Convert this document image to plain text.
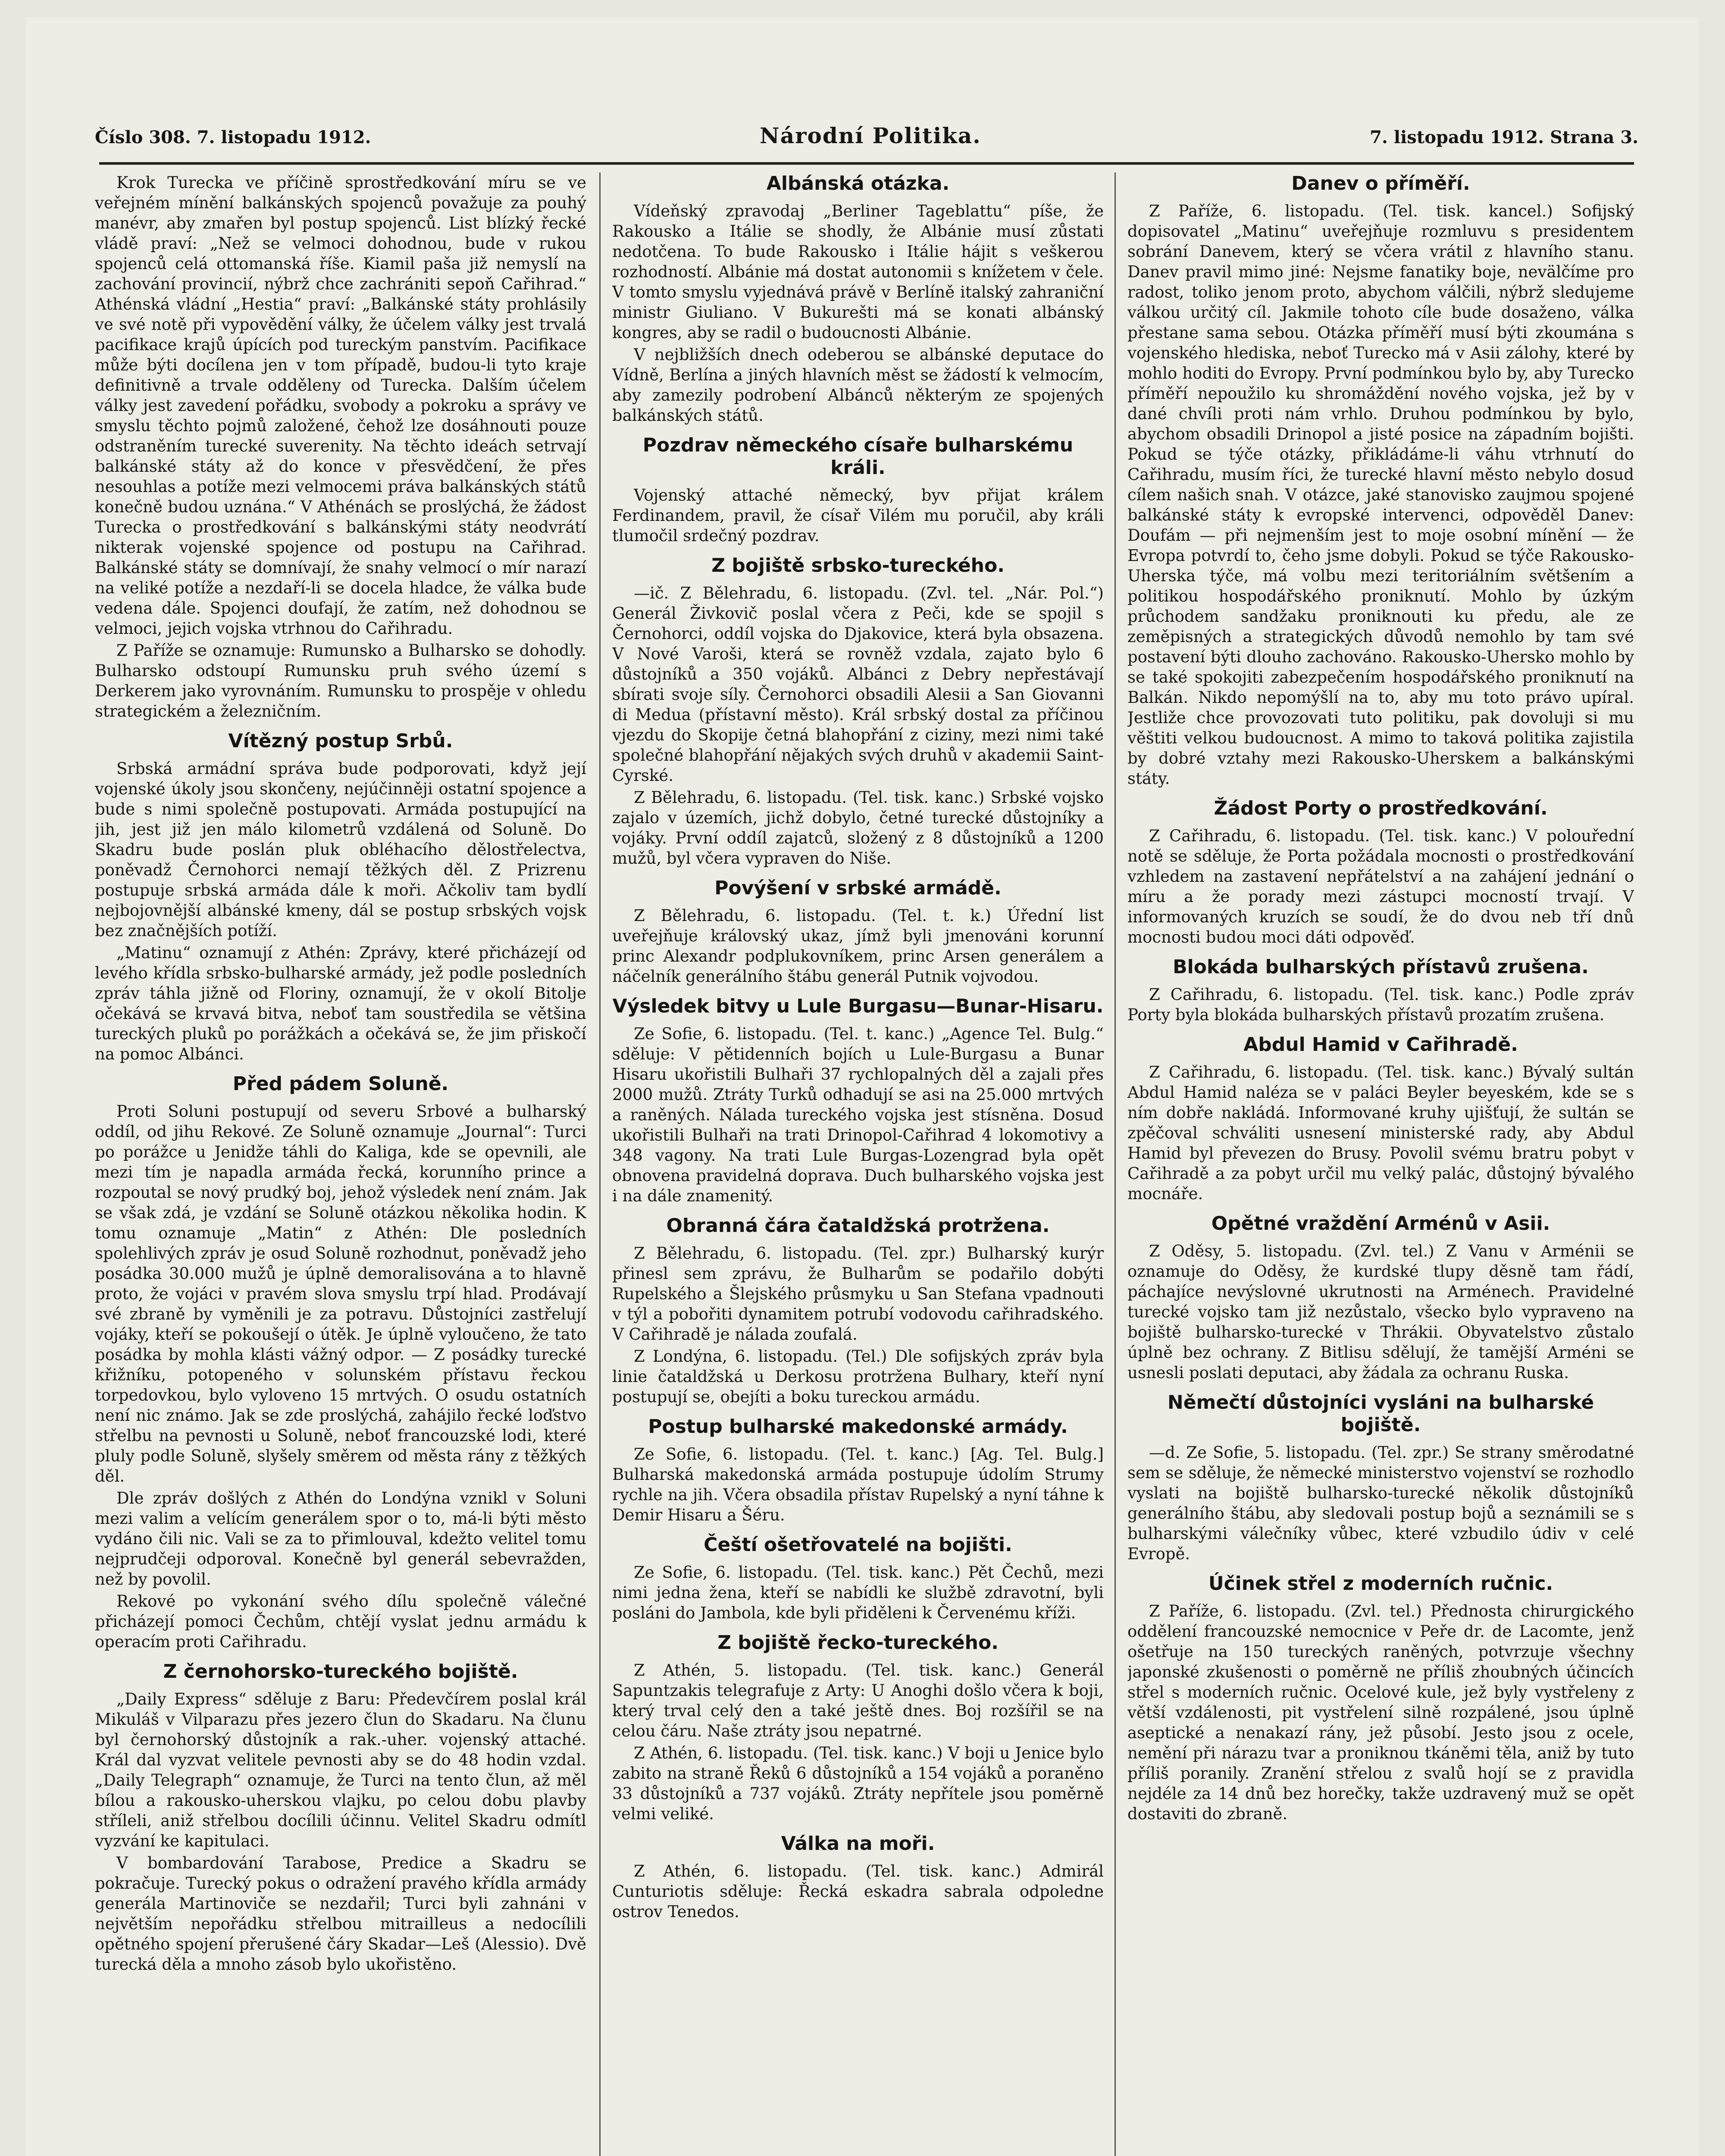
Číslo 308. 7. listopadu 1912.	Národní Politika.	7. listopadu 1912. Strana 3.

Krok Turecka ve příčině sprostředkování míru se ve veřejném mínění balkánských spojenců považuje za pouhý manévr, aby zmařen byl postup spojenců. List blízký řecké vládě praví: „Než se velmoci dohodnou, bude v rukou spojenců celá ottomanská říše. Kiamil paša již nemyslí na zachování provincií, nýbrž chce zachrániti sepoň Cařihrad.“ Athénská vládní „Hestia“ praví: „Balkánské státy prohlásily ve své notě při vypovědění války, že účelem války jest trvalá pacifikace krajů úpících pod tureckým panstvím. Pacifikace může býti docílena jen v tom případě, budou-li tyto kraje definitivně a trvale odděleny od Turecka. Dalším účelem války jest zavedení pořádku, svobody a pokroku a správy ve smyslu těchto pojmů založené, čehož lze dosáhnouti pouze odstraněním turecké suverenity. Na těchto ideách setrvají balkánské státy až do konce v přesvědčení, že přes nesouhlas a potíže mezi velmocemi práva balkánských států konečně budou uznána.“ V Athénách se proslýchá, že žádost Turecka o prostředkování s balkánskými státy neodvrátí nikterak vojenské spojence od postupu na Cařihrad. Balkánské státy se domnívají, že snahy velmocí o mír narazí na veliké potíže a nezdaří-li se docela hladce, že válka bude vedena dále. Spojenci doufají, že zatím, než dohodnou se velmoci, jejich vojska vtrhnou do Cařihradu.

Z Paříže se oznamuje: Rumunsko a Bulharsko se dohodly. Bulharsko odstoupí Rumunsku pruh svého území s Derkerem jako vyrovnáním. Rumunsku to prospěje v ohledu strategickém a železničním.

Vítězný postup Srbů.

Srbská armádní správa bude podporovati, když její vojenské úkoly jsou skončeny, nejúčinněji ostatní spojence a bude s nimi společně postupovati. Armáda postupující na jih, jest již jen málo kilometrů vzdálená od Soluně. Do Skadru bude poslán pluk obléhacího dělostřelectva, poněvadž Černohorci nemají těžkých děl. Z Prizrenu postupuje srbská armáda dále k moři. Ačkoliv tam bydlí nejbojovnější albánské kmeny, dál se postup srbských vojsk bez značnějších potíží.

„Matinu“ oznamují z Athén: Zprávy, které přicházejí od levého křídla srbsko-bulharské armády, jež podle posledních zpráv táhla jižně od Floriny, oznamují, že v okolí Bitolje očekává se krvavá bitva, neboť tam soustředila se většina tureckých pluků po porážkách a očekává se, že jim přiskočí na pomoc Albánci.

Před pádem Soluně.

Proti Soluni postupují od severu Srbové a bulharský oddíl, od jihu Rekové. Ze Soluně oznamuje „Journal“: Turci po porážce u Jenidže táhli do Kaliga, kde se opevnili, ale mezi tím je napadla armáda řecká, korunního prince a rozpoutal se nový prudký boj, jehož výsledek není znám. Jak se však zdá, je vzdání se Soluně otázkou několika hodin. K tomu oznamuje „Matin“ z Athén: Dle posledních spolehlivých zpráv je osud Soluně rozhodnut, poněvadž jeho posádka 30.000 mužů je úplně demoralisována a to hlavně proto, že vojáci v pravém slova smyslu trpí hlad. Prodávají své zbraně by vyměnili je za potravu. Důstojníci zastřelují vojáky, kteří se pokoušejí o útěk. Je úplně vyloučeno, že tato posádka by mohla klásti vážný odpor. — Z posádky turecké křižníku, potopeného v solunském přístavu řeckou torpedovkou, bylo vyloveno 15 mrtvých. O osudu ostatních není nic známo. Jak se zde proslýchá, zahájilo řecké loďstvo střelbu na pevnosti u Soluně, neboť francouzské lodi, které pluly podle Soluně, slyšely směrem od města rány z těžkých děl.

Dle zpráv došlých z Athén do Londýna vznikl v Soluni mezi valim a velícím generálem spor o to, má-li býti město vydáno čili nic. Vali se za to přimlouval, kdežto velitel tomu nejprudčeji odporoval. Konečně byl generál sebevražden, než by povolil.

Rekové po vykonání svého dílu společně válečné přicházejí pomoci Čechům, chtějí vyslat jednu armádu k operacím proti Cařihradu.

Z černohorsko-tureckého bojiště.

„Daily Express“ sděluje z Baru: Předevčírem poslal král Mikuláš v Vilparazu přes jezero člun do Skadaru. Na člunu byl černohorský důstojník a rak.-uher. vojenský attaché. Král dal vyzvat velitele pevnosti aby se do 48 hodin vzdal. „Daily Telegraph“ oznamuje, že Turci na tento člun, až měl bílou a rakousko-uherskou vlajku, po celou dobu plavby stříleli, aniž střelbou docílili účinnu. Velitel Skadru odmítl vyzvání ke kapitulaci.

V bombardování Tarabose, Predice a Skadru se pokračuje. Turecký pokus o odražení pravého křídla armády generála Martinoviče se nezdařil; Turci byli zahnáni v největším nepořádku střelbou mitrailleus a nedocílili opětného spojení přerušené čáry Skadar—Leš (Alessio). Dvě turecká děla a mnoho zásob bylo ukořistěno.

Albánská otázka.

Vídeňský zpravodaj „Berliner Tageblattu“ píše, že Rakousko a Itálie se shodly, že Albánie musí zůstati nedotčena. To bude Rakousko i Itálie hájit s veškerou rozhodností. Albánie má dostat autonomii s knížetem v čele. V tomto smyslu vyjednává právě v Berlíně italský zahraniční ministr Giuliano. V Bukurešti má se konati albánský kongres, aby se radil o budoucnosti Albánie.

V nejbližších dnech odeberou se albánské deputace do Vídně, Berlína a jiných hlavních měst se žádostí k velmocím, aby zamezily podrobení Albánců některým ze spojených balkánských států.

Pozdrav německého císaře bulharskému králi.

Vojenský attaché německý, byv přijat králem Ferdinandem, pravil, že císař Vilém mu poručil, aby králi tlumočil srdečný pozdrav.

Z bojiště srbsko-tureckého.

—ič. Z Bělehradu, 6. listopadu. (Zvl. tel. „Nár. Pol.“) Generál Živkovič poslal včera z Peči, kde se spojil s Černohorci, oddíl vojska do Djakovice, která byla obsazena. V Nové Varoši, která se rovněž vzdala, zajato bylo 6 důstojníků a 350 vojáků. Albánci z Debry nepřestávají sbírati svoje síly. Černohorci obsadili Alesii a San Giovanni di Medua (přístavní město). Král srbský dostal za příčinou vjezdu do Skopije četná blahopřání z ciziny, mezi nimi také společné blahopřání nějakých svých druhů v akademii Saint-Cyrské.

Z Bělehradu, 6. listopadu. (Tel. tisk. kanc.) Srbské vojsko zajalo v územích, jichž dobylo, četné turecké důstojníky a vojáky. První oddíl zajatců, složený z 8 důstojníků a 1200 mužů, byl včera vypraven do Niše.

Povýšení v srbské armádě.

Z Bělehradu, 6. listopadu. (Tel. t. k.) Úřední list uveřejňuje královský ukaz, jímž byli jmenováni korunní princ Alexandr podplukovníkem, princ Arsen generálem a náčelník generálního štábu generál Putnik vojvodou.

Výsledek bitvy u Lule Burgasu—Bunar-Hisaru.

Ze Sofie, 6. listopadu. (Tel. t. kanc.) „Agence Tel. Bulg.“ sděluje: V pětidenních bojích u Lule-Burgasu a Bunar Hisaru ukořistili Bulhaři 37 rychlopalných děl a zajali přes 2000 mužů. Ztráty Turků odhadují se asi na 25.000 mrtvých a raněných. Nálada tureckého vojska jest stísněna. Dosud ukořistili Bulhaři na trati Drinopol-Cařihrad 4 lokomotivy a 348 vagony. Na trati Lule Burgas-Lozengrad byla opět obnovena pravidelná doprava. Duch bulharského vojska jest i na dále znamenitý.

Obranná čára čataldžská protržena.

Z Bělehradu, 6. listopadu. (Tel. zpr.) Bulharský kurýr přinesl sem zprávu, že Bulharům se podařilo dobýti Rupelského a Šlejského průsmyku u San Stefana vpadnouti v týl a pobořiti dynamitem potrubí vodovodu cařihradského. V Cařihradě je nálada zoufalá.

Z Londýna, 6. listopadu. (Tel.) Dle sofijských zpráv byla linie čataldžská u Derkosu protržena Bulhary, kteří nyní postupují se, obejíti a boku tureckou armádu.

Postup bulharské makedonské armády.

Ze Sofie, 6. listopadu. (Tel. t. kanc.) [Ag. Tel. Bulg.] Bulharská makedonská armáda postupuje údolím Strumy rychle na jih. Včera obsadila přístav Rupelský a nyní táhne k Demir Hisaru a Šéru.

Čeští ošetřovatelé na bojišti.

Ze Sofie, 6. listopadu. (Tel. tisk. kanc.) Pět Čechů, mezi nimi jedna žena, kteří se nabídli ke službě zdravotní, byli posláni do Jambola, kde byli přiděleni k Červenému kříži.

Z bojiště řecko-tureckého.

Z Athén, 5. listopadu. (Tel. tisk. kanc.) Generál Sapuntzakis telegrafuje z Arty: U Anoghi došlo včera k boji, který trval celý den a také ještě dnes. Boj rozšířil se na celou čáru. Naše ztráty jsou nepatrné.

Z Athén, 6. listopadu. (Tel. tisk. kanc.) V boji u Jenice bylo zabito na straně Řeků 6 důstojníků a 154 vojáků a poraněno 33 důstojníků a 737 vojáků. Ztráty nepřítele jsou poměrně velmi veliké.

Válka na moři.

Z Athén, 6. listopadu. (Tel. tisk. kanc.) Admirál Cunturiotis sděluje: Řecká eskadra sabrala odpoledne ostrov Tenedos.

Danev o příměří.

Z Paříže, 6. listopadu. (Tel. tisk. kancel.) Sofijský dopisovatel „Matinu“ uveřejňuje rozmluvu s presidentem sobrání Danevem, který se včera vrátil z hlavního stanu. Danev pravil mimo jiné: Nejsme fanatiky boje, nevälčíme pro radost, toliko jenom proto, abychom válčili, nýbrž sledujeme válkou určitý cíl. Jakmile tohoto cíle bude dosaženo, válka přestane sama sebou. Otázka příměří musí býti zkoumána s vojenského hlediska, neboť Turecko má v Asii zálohy, které by mohlo hoditi do Evropy. První podmínkou bylo by, aby Turecko příměří nepoužilo ku shromáždění nového vojska, jež by v dané chvíli proti nám vrhlo. Druhou podmínkou by bylo, abychom obsadili Drinopol a jisté posice na západním bojišti. Pokud se týče otázky, přikládáme-li váhu vtrhnutí do Cařihradu, musím říci, že turecké hlavní město nebylo dosud cílem našich snah. V otázce, jaké stanovisko zaujmou spojené balkánské státy k evropské intervenci, odpověděl Danev: Doufám — při nejmenším jest to moje osobní mínění — že Evropa potvrdí to, čeho jsme dobyli. Pokud se týče Rakousko-Uherska týče, má volbu mezi teritoriálním světšením a politikou hospodářského proniknutí. Mohlo by úzkým průchodem sandžaku proniknouti ku předu, ale ze zeměpisných a strategických důvodů nemohlo by tam své postavení býti dlouho zachováno. Rakousko-Uhersko mohlo by se také spokojiti zabezpečením hospodářského proniknutí na Balkán. Nikdo nepomýšlí na to, aby mu toto právo upíral. Jestliže chce provozovati tuto politiku, pak dovoluji si mu věštiti velkou budoucnost. A mimo to taková politika zajistila by dobré vztahy mezi Rakousko-Uherskem a balkánskými státy.

Žádost Porty o prostředkování.

Z Cařihradu, 6. listopadu. (Tel. tisk. kanc.) V polouřední notě se sděluje, že Porta požádala mocnosti o prostředkování vzhledem na zastavení nepřátelství a na zahájení jednání o míru a že porady mezi zástupci mocností trvají. V informovaných kruzích se soudí, že do dvou neb tří dnů mocnosti budou moci dáti odpověď.

Blokáda bulharských přístavů zrušena.

Z Cařihradu, 6. listopadu. (Tel. tisk. kanc.) Podle zpráv Porty byla blokáda bulharských přístavů prozatím zrušena.

Abdul Hamid v Cařihradě.

Z Cařihradu, 6. listopadu. (Tel. tisk. kanc.) Bývalý sultán Abdul Hamid naléza se v paláci Beyler beyeském, kde se s ním dobře nakládá. Informované kruhy ujišťují, že sultán se zpěčoval schváliti usnesení ministerské rady, aby Abdul Hamid byl převezen do Brusy. Povolil svému bratru pobyt v Cařihradě a za pobyt určil mu velký palác, důstojný bývalého mocnáře.

Opětné vraždění Arménů v Asii.

Z Oděsy, 5. listopadu. (Zvl. tel.) Z Vanu v Arménii se oznamuje do Oděsy, že kurdské tlupy děsně tam řádí, páchajíce nevýslovné ukrutnosti na Arménech. Pravidelné turecké vojsko tam již nezůstalo, všecko bylo vypraveno na bojiště bulharsko-turecké v Thrákii. Obyvatelstvo zůstalo úplně bez ochrany. Z Bitlisu sdělují, že tamější Arméni se usnesli poslati deputaci, aby žádala za ochranu Ruska.

Němečtí důstojníci vysláni na bulharské bojiště.

—d. Ze Sofie, 5. listopadu. (Tel. zpr.) Se strany směrodatné sem se sděluje, že německé ministerstvo vojenství se rozhodlo vyslati na bojiště bulharsko-turecké několik důstojníků generálního štábu, aby sledovali postup bojů a seznámili se s bulharskými válečníky vůbec, které vzbudilo údiv v celé Evropě.

Účinek střel z moderních ručnic.

Z Paříže, 6. listopadu. (Zvl. tel.) Přednosta chirurgického oddělení francouzské nemocnice v Peře dr. de Lacomte, jenž ošetřuje na 150 tureckých raněných, potvrzuje všechny japonské zkušenosti o poměrně ne příliš zhoubných účincích střel s moderních ručnic. Ocelové kule, jež byly vystřeleny z větší vzdálenosti, pit vystřelení silně rozpálené, jsou úplně aseptické a nenakazí rány, jež působí. Jesto jsou z ocele, nemění při nárazu tvar a proniknou tkáněmi těla, aniž by tuto příliš poranily. Zranění střelou z svalů hojí se z pravidla nejdéle za 14 dnů bez horečky, takže uzdravený muž se opět dostaviti do zbraně.
